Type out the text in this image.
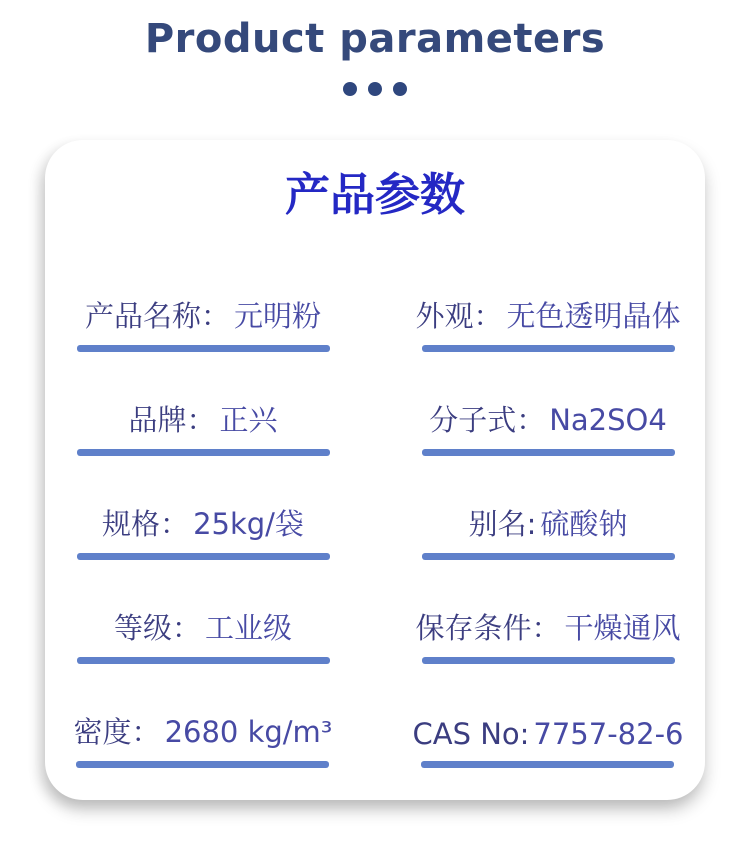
Product parameters
产品参数
产品名称： 元明粉	外观： 无色透明晶体
品牌： 正兴	分子式： Na2SO4
规格： 25kg/袋	别名: 硫酸钠
等级： 工业级	保存条件： 干燥通风
密度： 2680 kg/m³	CAS No: 7757-82-6
